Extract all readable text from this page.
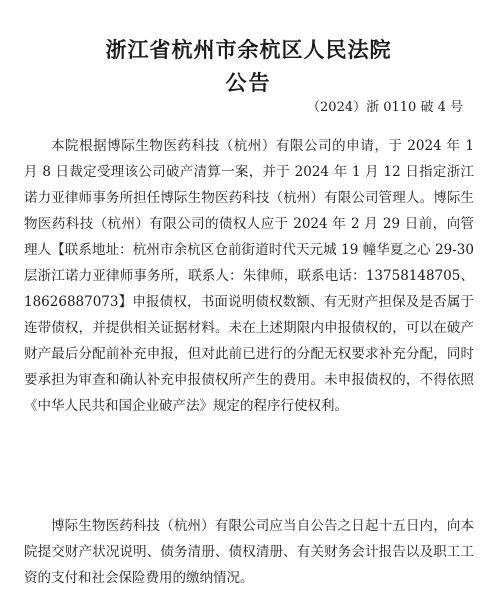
浙江省杭州市余杭区人民法院
公告
（2024）浙 0110 破 4 号

本院根据博际生物医药科技（杭州）有限公司的申请，于 2024 年 1 月 8 日裁定受理该公司破产清算一案，并于 2024 年 1 月 12 日指定浙江诺力亚律师事务所担任博际生物医药科技（杭州）有限公司管理人。博际生物医药科技（杭州）有限公司的债权人应于 2024 年 2 月 29 日前，向管理人【联系地址：杭州市余杭区仓前街道时代天元城 19 幢华夏之心 29-30 层浙江诺力亚律师事务所，联系人：朱律师，联系电话：13758148705、18626887073】申报债权，书面说明债权数额、有无财产担保及是否属于连带债权，并提供相关证据材料。未在上述期限内申报债权的，可以在破产财产最后分配前补充申报，但对此前已进行的分配无权要求补充分配，同时要承担为审查和确认补充申报债权所产生的费用。未申报债权的，不得依照《中华人民共和国企业破产法》规定的程序行使权利。

博际生物医药科技（杭州）有限公司应当自公告之日起十五日内，向本院提交财产状况说明、债务清册、债权清册、有关财务会计报告以及职工工资的支付和社会保险费用的缴纳情况。
